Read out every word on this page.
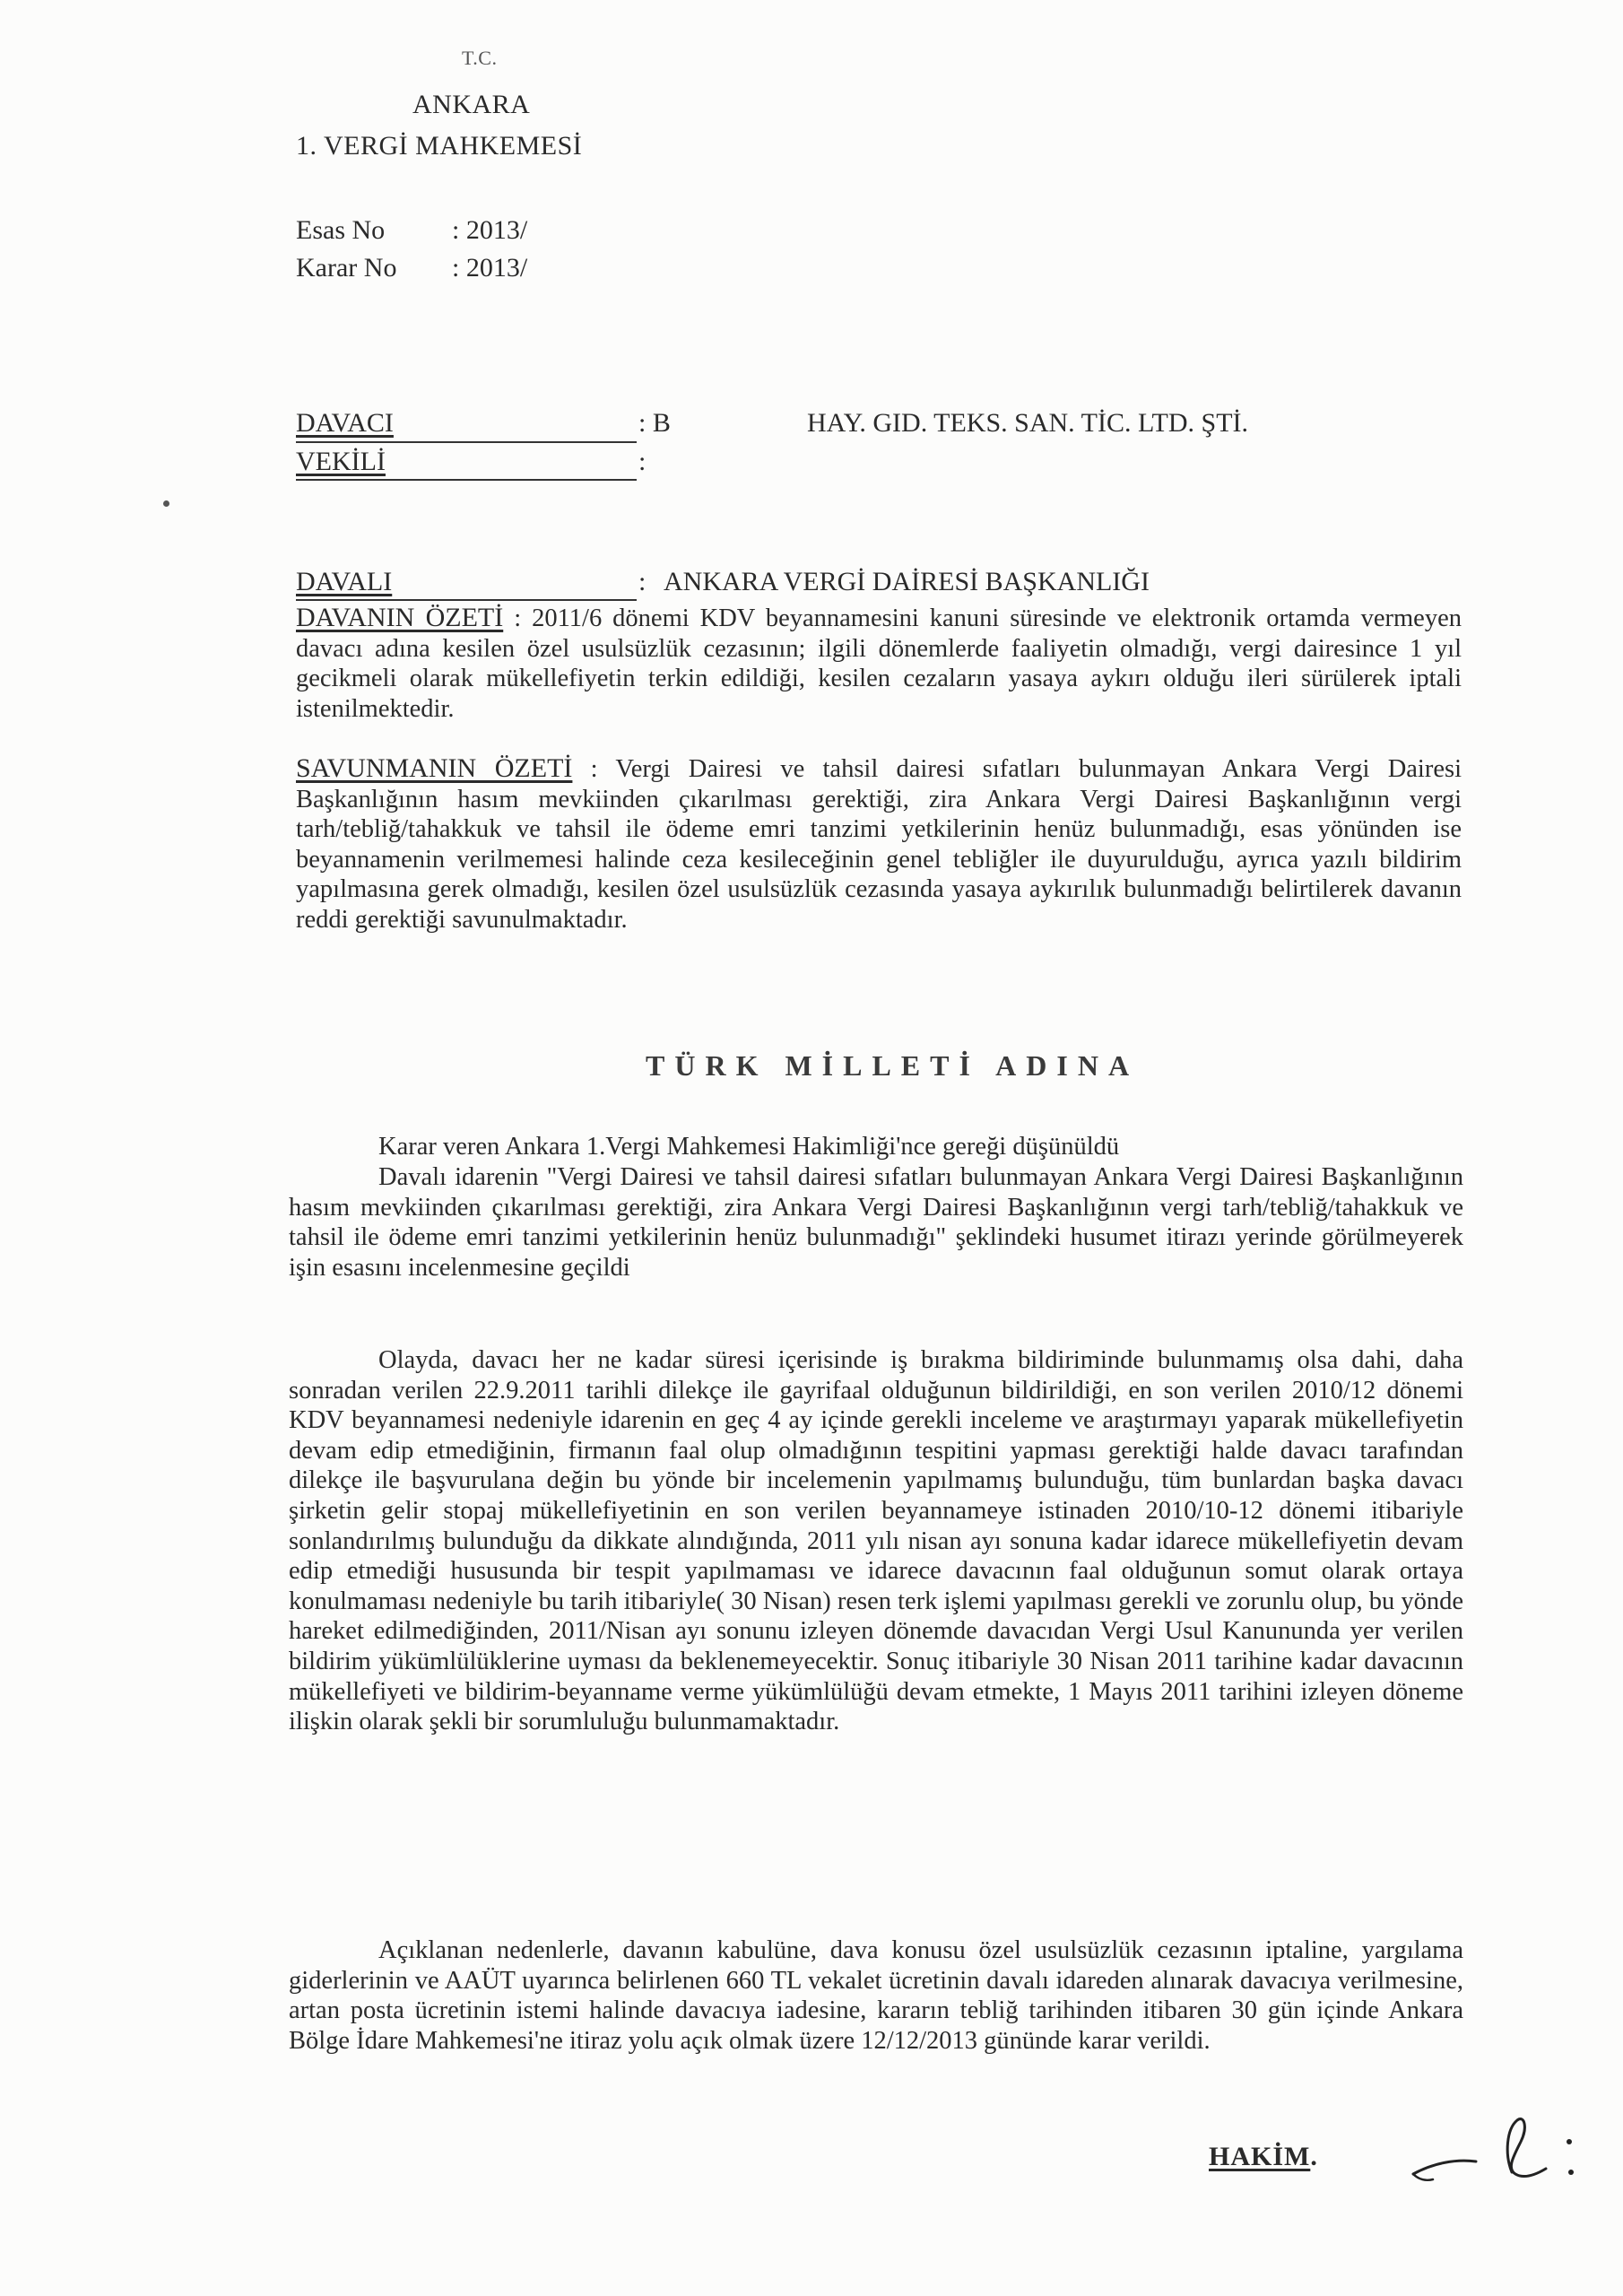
T.C.
ANKARA
1. VERGİ MAHKEMESİ
Esas No : 2013/
Karar No : 2013/
DAVACI	: B	HAY. GID. TEKS. SAN. TİC. LTD. ŞTİ.
VEKİLİ	:
DAVALI	: ANKARA VERGİ DAİRESİ BAŞKANLIĞI
DAVANIN ÖZETİ : 2011/6 dönemi KDV beyannamesini kanuni süresinde ve elektronik ortamda vermeyen davacı adına kesilen özel usulsüzlük cezasının; ilgili dönemlerde faaliyetin olmadığı, vergi dairesince 1 yıl gecikmeli olarak mükellefiyetin terkin edildiği, kesilen cezaların yasaya aykırı olduğu ileri sürülerek iptali istenilmektedir.
SAVUNMANIN ÖZETİ : Vergi Dairesi ve tahsil dairesi sıfatları bulunmayan Ankara Vergi Dairesi Başkanlığının hasım mevkiinden çıkarılması gerektiği, zira Ankara Vergi Dairesi Başkanlığının vergi tarh/tebliğ/tahakkuk ve tahsil ile ödeme emri tanzimi yetkilerinin henüz bulunmadığı, esas yönünden ise beyannamenin verilmemesi halinde ceza kesileceğinin genel tebliğler ile duyurulduğu, ayrıca yazılı bildirim yapılmasına gerek olmadığı, kesilen özel usulsüzlük cezasında yasaya aykırılık bulunmadığı belirtilerek davanın reddi gerektiği savunulmaktadır.
TÜRK MİLLETİ ADINA
Karar veren Ankara 1.Vergi Mahkemesi Hakimliği'nce gereği düşünüldü
Davalı idarenin "Vergi Dairesi ve tahsil dairesi sıfatları bulunmayan Ankara Vergi Dairesi Başkanlığının hasım mevkiinden çıkarılması gerektiği, zira Ankara Vergi Dairesi Başkanlığının vergi tarh/tebliğ/tahakkuk ve tahsil ile ödeme emri tanzimi yetkilerinin henüz bulunmadığı" şeklindeki husumet itirazı yerinde görülmeyerek işin esasını incelenmesine geçildi
Olayda, davacı her ne kadar süresi içerisinde iş bırakma bildiriminde bulunmamış olsa dahi, daha sonradan verilen 22.9.2011 tarihli dilekçe ile gayrifaal olduğunun bildirildiği, en son verilen 2010/12 dönemi KDV beyannamesi nedeniyle idarenin en geç 4 ay içinde gerekli inceleme ve araştırmayı yaparak mükellefiyetin devam edip etmediğinin, firmanın faal olup olmadığının tespitini yapması gerektiği halde davacı tarafından dilekçe ile başvurulana değin bu yönde bir incelemenin yapılmamış bulunduğu, tüm bunlardan başka davacı şirketin gelir stopaj mükellefiyetinin en son verilen beyannameye istinaden 2010/10-12 dönemi itibariyle sonlandırılmış bulunduğu da dikkate alındığında, 2011 yılı nisan ayı sonuna kadar idarece mükellefiyetin devam edip etmediği hususunda bir tespit yapılmaması ve idarece davacının faal olduğunun somut olarak ortaya konulmaması nedeniyle bu tarih itibariyle( 30 Nisan) resen terk işlemi yapılması gerekli ve zorunlu olup, bu yönde hareket edilmediğinden, 2011/Nisan ayı sonunu izleyen dönemde davacıdan Vergi Usul Kanununda yer verilen bildirim yükümlülüklerine uyması da beklenemeyecektir. Sonuç itibariyle 30 Nisan 2011 tarihine kadar davacının mükellefiyeti ve bildirim-beyanname verme yükümlülüğü devam etmekte, 1 Mayıs 2011 tarihini izleyen döneme ilişkin olarak şekli bir sorumluluğu bulunmamaktadır.
Açıklanan nedenlerle, davanın kabulüne, dava konusu özel usulsüzlük cezasının iptaline, yargılama giderlerinin ve AAÜT uyarınca belirlenen 660 TL vekalet ücretinin davalı idareden alınarak davacıya verilmesine, artan posta ücretinin istemi halinde davacıya iadesine, kararın tebliğ tarihinden itibaren 30 gün içinde Ankara Bölge İdare Mahkemesi'ne itiraz yolu açık olmak üzere 12/12/2013 gününde karar verildi.
HAKİM.
